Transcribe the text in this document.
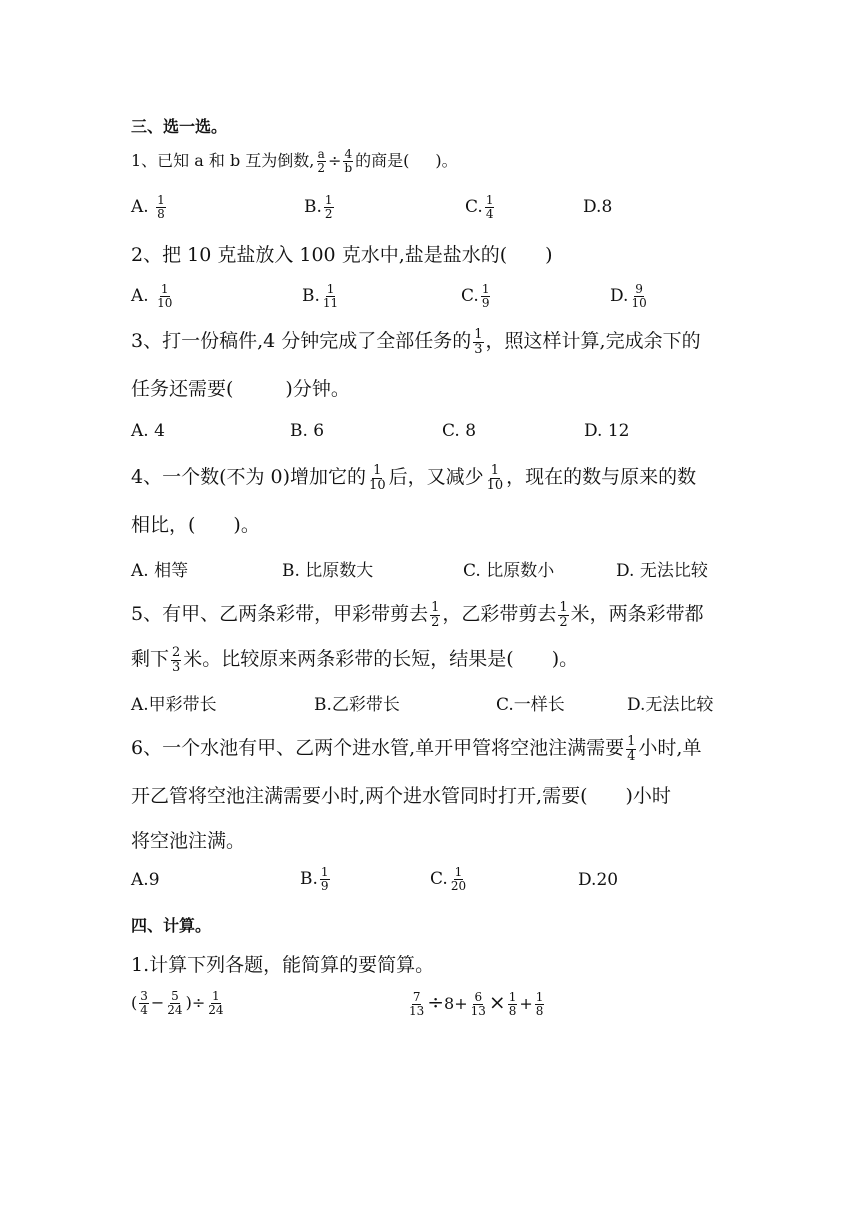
三、选一选。
1、已知 a 和 b 互为倒数, $\frac{a}{2} \div \frac{4}{b}$ 的商是( )。
A. $\frac{1}{8}$	B. $\frac{1}{2}$	C. $\frac{1}{4}$	D.8
2、把 10 克盐放入 100 克水中,盐是盐水的( )
A. $\frac{1}{10}$	B. $\frac{1}{11}$	C. $\frac{1}{9}$	D. $\frac{9}{10}$
3、打一份稿件,4 分钟完成了全部任务的 $\frac{1}{3}$ ，照这样计算,完成余下的
任务还需要(	)分钟。
A. 4	B. 6	C. 8	D. 12
4、一个数(不为 0)增加它的 $\frac{1}{10}$ 后，又减少 $\frac{1}{10}$ ，现在的数与原来的数
相比，( )。
A. 相等	B. 比原数大	C. 比原数小	D. 无法比较
5、有甲、乙两条彩带，甲彩带剪去 $\frac{1}{2}$ ，乙彩带剪去 $\frac{1}{2}$ 米，两条彩带都
剩下 $\frac{2}{3}$ 米。比较原来两条彩带的长短，结果是( )。
A.甲彩带长	B.乙彩带长	C.一样长	D.无法比较
6、一个水池有甲、乙两个进水管,单开甲管将空池注满需要 $\frac{1}{4}$ 小时,单
开乙管将空池注满需要小时,两个进水管同时打开,需要( )小时
将空池注满。
A.9	B. $\frac{1}{9}$	C. $\frac{1}{20}$	D.20
四、计算。
1.计算下列各题，能简算的要简算。
( $\frac{3}{4} - \frac{5}{24}$ )÷ $\frac{1}{24}$	$\frac{7}{13} \div 8+ \frac{6}{13} \times \frac{1}{8} + \frac{1}{8}$
